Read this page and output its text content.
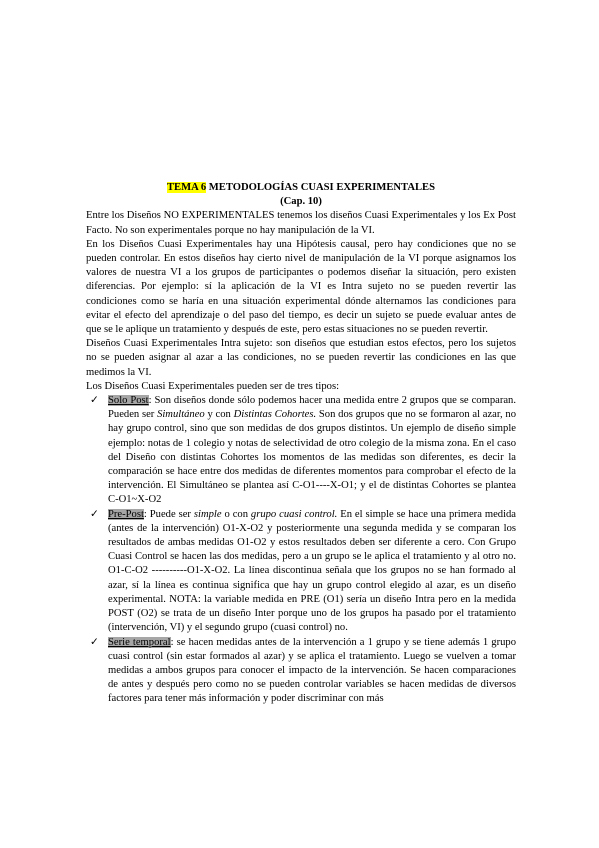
TEMA 6 METODOLOGÍAS CUASI EXPERIMENTALES
(Cap. 10)
Entre los Diseños NO EXPERIMENTALES tenemos los diseños Cuasi Experimentales y los Ex Post Facto. No son experimentales porque no hay manipulación de la VI.
En los Diseños Cuasi Experimentales hay una Hipótesis causal, pero hay condiciones que no se pueden controlar. En estos diseños hay cierto nivel de manipulación de la VI porque asignamos los valores de nuestra VI a los grupos de participantes o podemos diseñar la situación, pero existen diferencias. Por ejemplo: sí la aplicación de la VI es Intra sujeto no se pueden revertir las condiciones como se haría en una situación experimental dónde alternamos las condiciones para evitar el efecto del aprendizaje o del paso del tiempo, es decir un sujeto se puede evaluar antes de que se le aplique un tratamiento y después de este, pero estas situaciones no se pueden revertir.
Diseños Cuasi Experimentales Intra sujeto: son diseños que estudian estos efectos, pero los sujetos no se pueden asignar al azar a las condiciones, no se pueden revertir las condiciones en las que medimos la VI.
Los Diseños Cuasi Experimentales pueden ser de tres tipos:
✓ Solo Post: Son diseños donde sólo podemos hacer una medida entre 2 grupos que se comparan. Pueden ser Simultáneo y con Distintas Cohortes. Son dos grupos que no se formaron al azar, no hay grupo control, sino que son medidas de dos grupos distintos. Un ejemplo de diseño simple ejemplo: notas de 1 colegio y notas de selectividad de otro colegio de la misma zona. En el caso del Diseño con distintas Cohortes los momentos de las medidas son diferentes, es decir la comparación se hace entre dos medidas de diferentes momentos para comprobar el efecto de la intervención. El Simultáneo se plantea así C-O1----X-O1; y el de distintas Cohortes se plantea C-O1~X-O2
✓ Pre-Post: Puede ser simple o con grupo cuasi control. En el simple se hace una primera medida (antes de la intervención) O1-X-O2 y posteriormente una segunda medida y se comparan los resultados de ambas medidas O1-O2 y estos resultados deben ser diferente a cero. Con Grupo Cuasi Control se hacen las dos medidas, pero a un grupo se le aplica el tratamiento y al otro no. O1-C-O2 ----------O1-X-O2. La línea discontinua señala que los grupos no se han formado al azar, sí la línea es continua significa que hay un grupo control elegido al azar, es un diseño experimental. NOTA: la variable medida en PRE (O1) sería un diseño Intra pero en la medida POST (O2) se trata de un diseño Inter porque uno de los grupos ha pasado por el tratamiento (intervención, VI) y el segundo grupo (cuasi control) no.
✓ Serie temporal: se hacen medidas antes de la intervención a 1 grupo y se tiene además 1 grupo cuasi control (sin estar formados al azar) y se aplica el tratamiento. Luego se vuelven a tomar medidas a ambos grupos para conocer el impacto de la intervención. Se hacen comparaciones de antes y después pero como no se pueden controlar variables se hacen medidas de diversos factores para tener más información y poder discriminar con más
